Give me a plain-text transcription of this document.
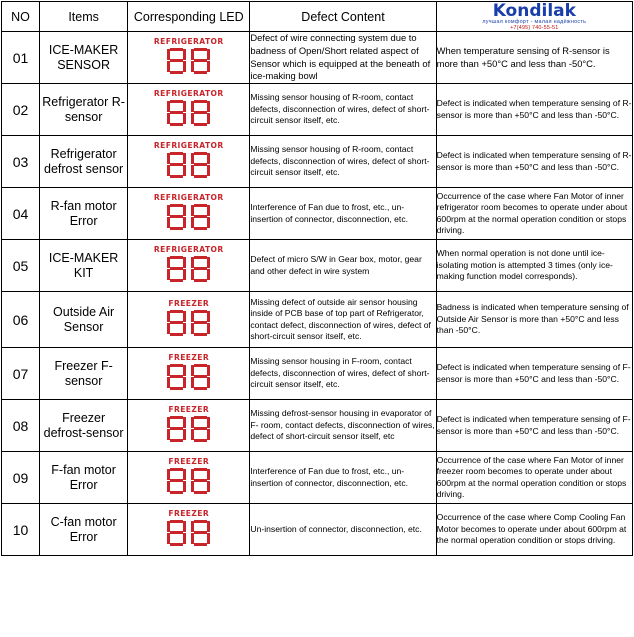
NO	Items	Corresponding LED	Defect Content	Kondilak
лучшая комфорт - малая надёжность
+7(495) 740-55-51

01	ICE-MAKER SENSOR	REFRIGERATOR	Defect of wire connecting system due to badness of Open/Short related aspect of Sensor which is equipped at the beneath of ice-making bowl	When temperature sensing of R-sensor is more than +50°C and less than -50°C.
02	Refrigerator R-sensor	REFRIGERATOR	Missing sensor housing of R-room, contact defects, disconnection of wires, defect of short-circuit sensor itself, etc.	Defect is indicated when temperature sensing of R-sensor is more than +50°C and less than -50°C.
03	Refrigerator defrost sensor	REFRIGERATOR	Missing sensor housing of R-room, contact defects, disconnection of wires, defect of short-circuit sensor itself, etc.	Defect is indicated when temperature sensing of R-sensor is more than +50°C and less than -50°C.
04	R-fan motor Error	REFRIGERATOR	Interference of Fan due to frost, etc., un-insertion of connector, disconnection, etc.	Occurrence of the case where Fan Motor of inner refrigerator room becomes to operate under about 600rpm at the normal operation condition or stops driving.
05	ICE-MAKER KIT	REFRIGERATOR	Defect of micro S/W in Gear box, motor, gear and other defect in wire system	When normal operation is not done until ice-isolating motion is attempted 3 times (only ice-making function model corresponds).
06	Outside Air Sensor	FREEZER	Missing defect of outside air sensor housing inside of PCB base of top part of Refrigerator, contact defect, disconnection of wires, defect of short-circuit sensor itself, etc.	Badness is indicated when temperature sensing of Outside Air Sensor is more than +50°C and less than -50°C.
07	Freezer F-sensor	FREEZER	Missing sensor housing in F-room, contact defects, disconnection of wires, defect of short-circuit sensor itself, etc.	Defect is indicated when temperature sensing of F-sensor is more than +50°C and less than -50°C.
08	Freezer defrost-sensor	FREEZER	Missing defrost-sensor housing in evaporator of F- room, contact defects, disconnection of wires, defect of short-circuit sensor itself, etc	Defect is indicated when temperature sensing of F-sensor is more than +50°C and less than -50°C.
09	F-fan motor Error	FREEZER	Interference of Fan due to frost, etc., un-insertion of connector, disconnection, etc.	Occurrence of the case where Fan Motor of inner freezer room becomes to operate under about 600rpm at the normal operation condition or stops driving.
10	C-fan motor Error	FREEZER	Un-insertion of connector, disconnection, etc.	Occurrence of the case where Comp Cooling Fan Motor becomes to operate under about 600rpm at the normal operation condition or stops driving.
